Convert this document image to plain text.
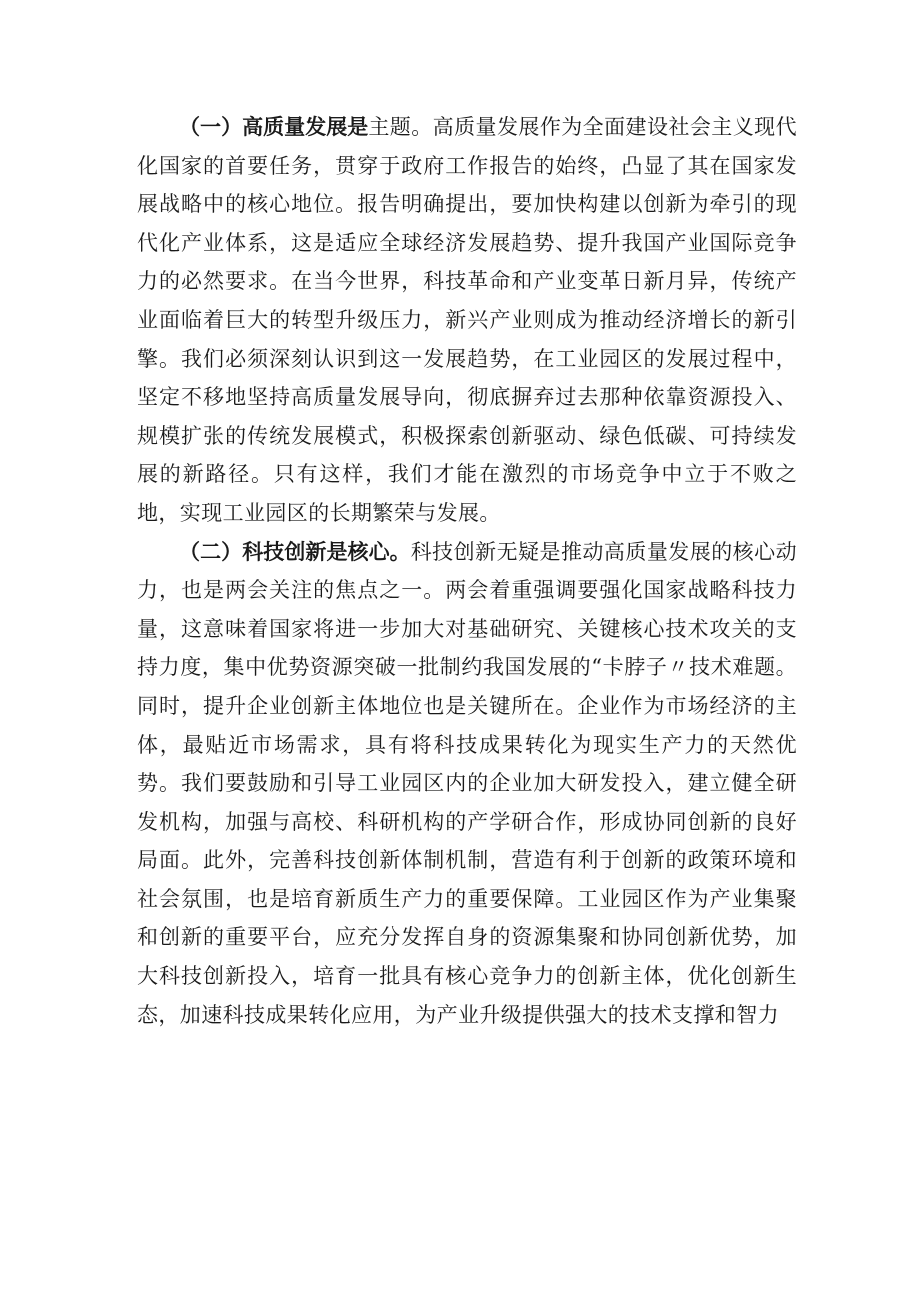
（一）高质量发展是主题。高质量发展作为全面建设社会主义现代化国家的首要任务，贯穿于政府工作报告的始终，凸显了其在国家发展战略中的核心地位。报告明确提出，要加快构建以创新为牵引的现代化产业体系，这是适应全球经济发展趋势、提升我国产业国际竞争力的必然要求。在当今世界，科技革命和产业变革日新月异，传统产业面临着巨大的转型升级压力，新兴产业则成为推动经济增长的新引擎。我们必须深刻认识到这一发展趋势，在工业园区的发展过程中，坚定不移地坚持高质量发展导向，彻底摒弃过去那种依靠资源投入、规模扩张的传统发展模式，积极探索创新驱动、绿色低碳、可持续发展的新路径。只有这样，我们才能在激烈的市场竞争中立于不败之地，实现工业园区的长期繁荣与发展。

（二）科技创新是核心。科技创新无疑是推动高质量发展的核心动力，也是两会关注的焦点之一。两会着重强调要强化国家战略科技力量，这意味着国家将进一步加大对基础研究、关键核心技术攻关的支持力度，集中优势资源突破一批制约我国发展的“卡脖子〃技术难题。同时，提升企业创新主体地位也是关键所在。企业作为市场经济的主体，最贴近市场需求，具有将科技成果转化为现实生产力的天然优势。我们要鼓励和引导工业园区内的企业加大研发投入，建立健全研发机构，加强与高校、科研机构的产学研合作，形成协同创新的良好局面。此外，完善科技创新体制机制，营造有利于创新的政策环境和社会氛围，也是培育新质生产力的重要保障。工业园区作为产业集聚和创新的重要平台，应充分发挥自身的资源集聚和协同创新优势，加大科技创新投入，培育一批具有核心竞争力的创新主体，优化创新生态，加速科技成果转化应用，为产业升级提供强大的技术支撑和智力
